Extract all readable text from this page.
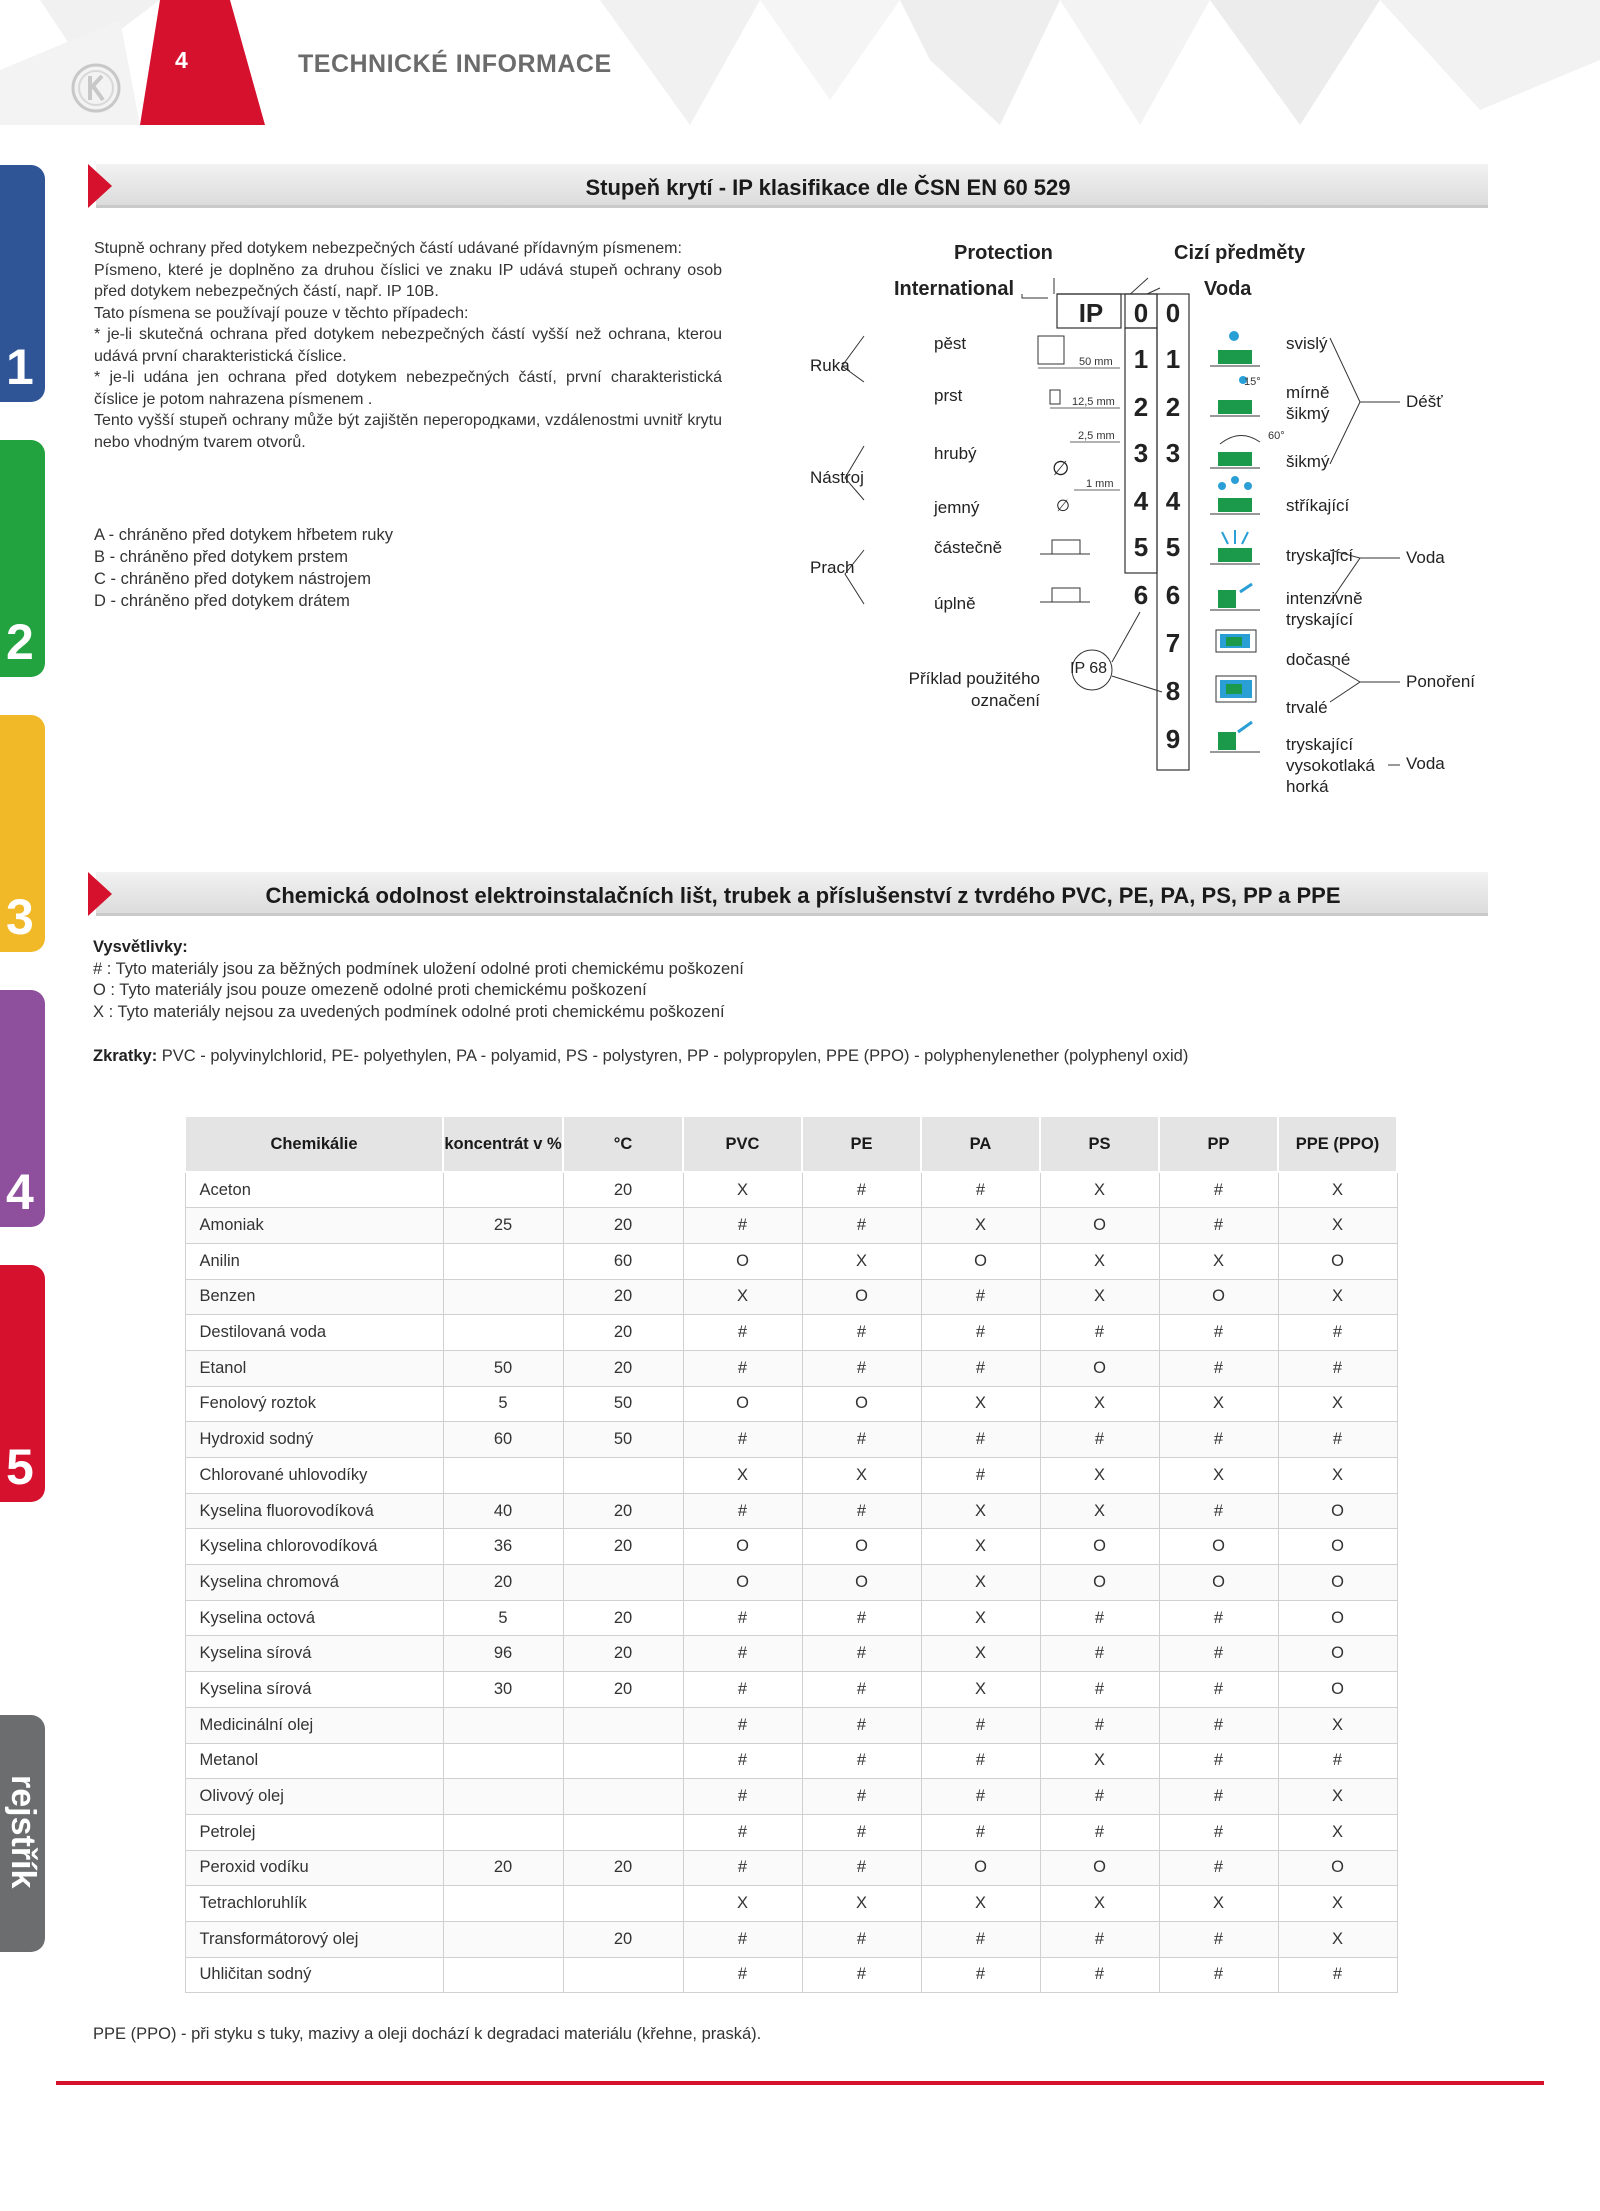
4	TECHNICKÉ INFORMACE
1
2
3
4
5
rejstřík
Stupeň krytí - IP klasifikace dle ČSN EN 60 529

Stupně ochrany před dotykem nebezpečných částí udávané přídavným písmenem:

Písmeno, které je doplněno za druhou číslici ve znaku IP udává stupeň ochrany osob před dotykem nebezpečných částí, např. IP 10B.

Tato písmena se používají pouze v těchto případech:

* je-li skutečná ochrana před dotykem nebezpečných částí vyšší než ochrana, kterou udává první charakteristická číslice.

* je-li udána jen ochrana před dotykem nebezpečných částí, první charakteristická číslice je potom nahrazena písmenem .

Tento vyšší stupeň ochrany může být zajištěn перегородками, vzdálenostmi uvnitř krytu nebo vhodným tvarem otvorů.

A - chráněno před dotykem hřbetem ruky
B - chráněno před dotykem prstem
C - chráněno před dotykem nástrojem
D - chráněno před dotykem drátem
Protection
International
Cizí předměty
Voda
IP	0
1
2
3
4
5
6
0
1
2
3
4
5
6
7
8
9
Ruka
Nástroj
Prach
pěst
prst
hrubý
jemný
částečně
úplně
50 mm
12,5 mm
2,5 mm
1 mm
∅
∅
15°
60°
svislý
mírně šikmý
šikmý
stříkající
tryskající
intenzivně tryskající
dočasné
trvalé
tryskající vysokotlaká horká
Déšť
Voda
Ponoření
Voda
Příklad použitého označení
IP 68
Chemická odolnost elektroinstalačních lišt, trubek a příslušenství z tvrdého PVC, PE, PA, PS, PP a PPE
Vysvětlivky:
# : Tyto materiály jsou za běžných podmínek uložení odolné proti chemickému poškození
O : Tyto materiály jsou pouze omezeně odolné proti chemickému poškození
X : Tyto materiály nejsou za uvedených podmínek odolné proti chemickému poškození
Zkratky: PVC - polyvinylchlorid, PE- polyethylen, PA - polyamid, PS - polystyren, PP - polypropylen, PPE (PPO) - polyphenylenether (polyphenyl oxid)
Chemikálie	koncentrát v %	°C	PVC	PE	PA	PS	PP	PPE (PPO)
Aceton		20	X	#	#	X	#	X
Amoniak	25	20	#	#	X	O	#	X
Anilin		60	O	X	O	X	X	O
Benzen		20	X	O	#	X	O	X
Destilovaná voda		20	#	#	#	#	#	#
Etanol	50	20	#	#	#	O	#	#
Fenolový roztok	5	50	O	O	X	X	X	X
Hydroxid sodný	60	50	#	#	#	#	#	#
Chlorované uhlovodíky			X	X	#	X	X	X
Kyselina fluorovodíková	40	20	#	#	X	X	#	O
Kyselina chlorovodíková	36	20	O	O	X	O	O	O
Kyselina chromová	20		O	O	X	O	O	O
Kyselina octová	5	20	#	#	X	#	#	O
Kyselina sírová	96	20	#	#	X	#	#	O
Kyselina sírová	30	20	#	#	X	#	#	O
Medicinální olej			#	#	#	#	#	X
Metanol			#	#	#	X	#	#
Olivový olej			#	#	#	#	#	X
Petrolej			#	#	#	#	#	X
Peroxid vodíku	20	20	#	#	O	O	#	O
Tetrachloruhlík			X	X	X	X	X	X
Transformátorový olej		20	#	#	#	#	#	X
Uhličitan sodný			#	#	#	#	#	#
PPE (PPO) - při styku s tuky, mazivy a oleji dochází k degradaci materiálu (křehne, praská).
